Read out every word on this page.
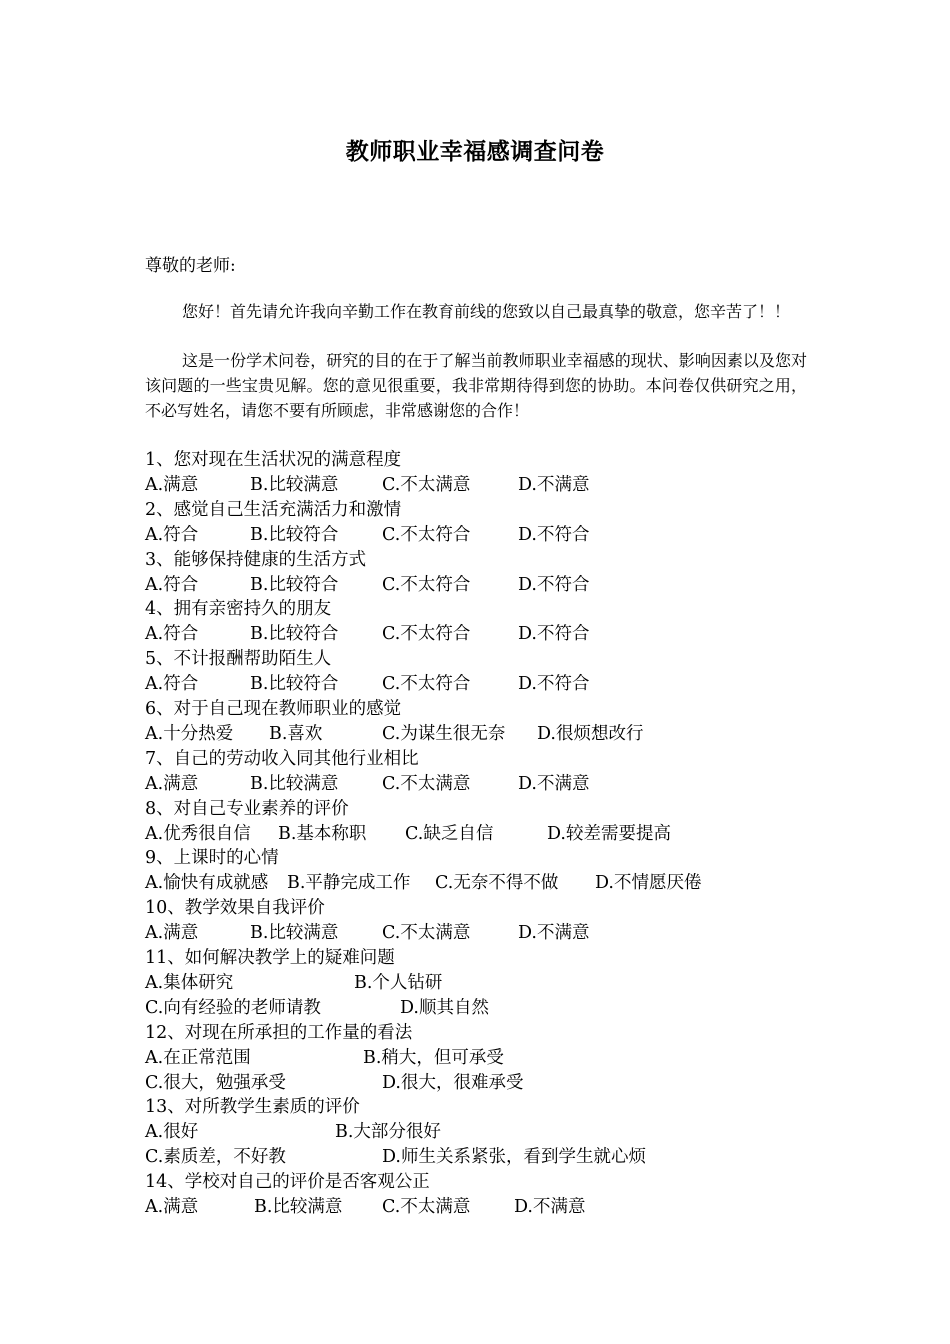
教师职业幸福感调查问卷
尊敬的老师:
您好！首先请允许我向辛勤工作在教育前线的您致以自己最真挚的敬意，您辛苦了！！
这是一份学术问卷，研究的目的在于了解当前教师职业幸福感的现状、影响因素以及您对该问题的一些宝贵见解。您的意见很重要，我非常期待得到您的协助。本问卷仅供研究之用，不必写姓名，请您不要有所顾虑，非常感谢您的合作！
1、您对现在生活状况的满意程度
A.满意	B.比较满意 C.不太满意	D.不满意
2、感觉自己生活充满活力和激情
A.符合	B.比较符合 C.不太符合	D.不符合
3、能够保持健康的生活方式
A.符合	B.比较符合 C.不太符合	D.不符合
4、拥有亲密持久的朋友
A.符合	B.比较符合 C.不太符合	D.不符合
5、不计报酬帮助陌生人
A.符合	B.比较符合 C.不太符合	D.不符合
6、对于自己现在教师职业的感觉
A.十分热爱 B.喜欢	C.为谋生很无奈 D.很烦想改行
7、自己的劳动收入同其他行业相比
A.满意	B.比较满意 C.不太满意	D.不满意
8、对自己专业素养的评价
A.优秀很自信 B.基本称职 C.缺乏自信	D.较差需要提高
9、上课时的心情
A.愉快有成就感 B.平静完成工作 C.无奈不得不做 D.不情愿厌倦
10、教学效果自我评价
A.满意	B.比较满意 C.不太满意	D.不满意
11、如何解决教学上的疑难问题
A.集体研究	B.个人钻研
C.向有经验的老师请教	D.顺其自然
12、对现在所承担的工作量的看法
A.在正常范围	B.稍大，但可承受
C.很大，勉强承受	D.很大，很难承受
13、对所教学生素质的评价
A.很好	B.大部分很好
C.素质差，不好教	D.师生关系紧张，看到学生就心烦
14、学校对自己的评价是否客观公正
A.满意	B.比较满意 C.不太满意 D.不满意
